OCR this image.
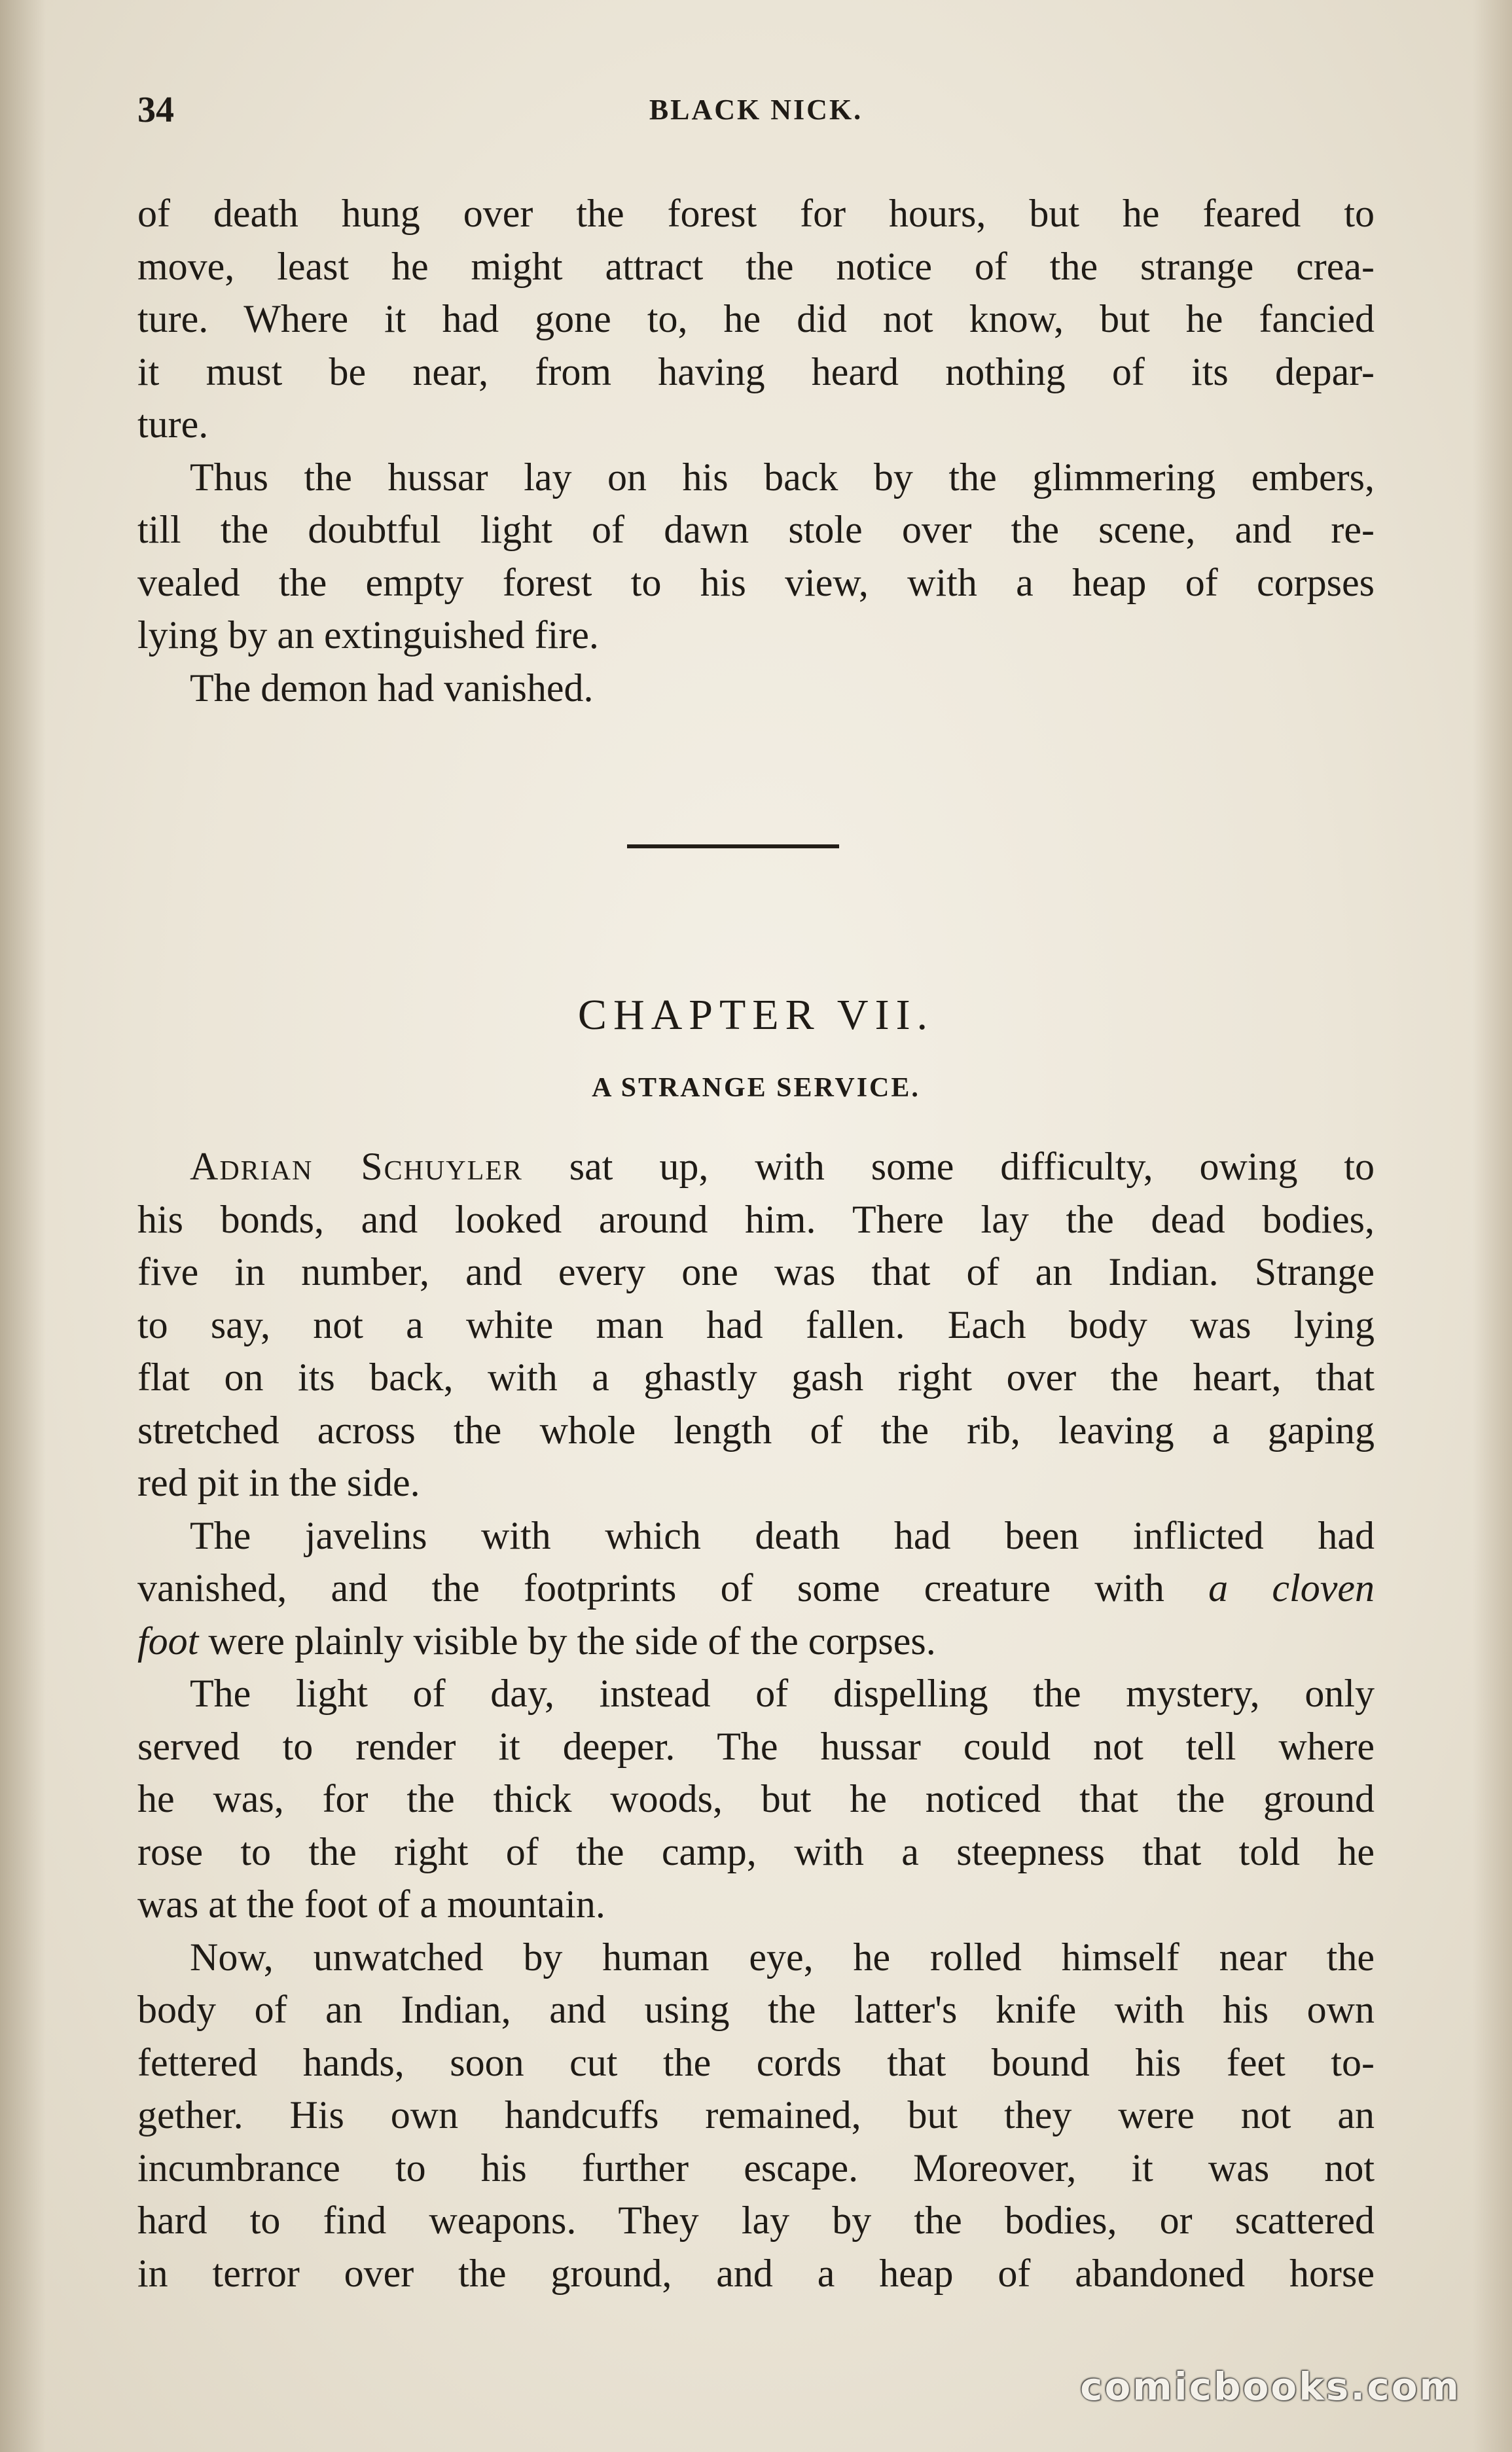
34	BLACK NICK.
of death hung over the forest for hours, but he feared to
move, least he might attract the notice of the strange crea-
ture. Where it had gone to, he did not know, but he fancied
it must be near, from having heard nothing of its depar-
ture.
Thus the hussar lay on his back by the glimmering embers,
till the doubtful light of dawn stole over the scene, and re-
vealed the empty forest to his view, with a heap of corpses
lying by an extinguished fire.
The demon had vanished.
CHAPTER VII.
A STRANGE SERVICE.
Adrian Schuyler sat up, with some difficulty, owing to
his bonds, and looked around him. There lay the dead bodies,
five in number, and every one was that of an Indian. Strange
to say, not a white man had fallen. Each body was lying
flat on its back, with a ghastly gash right over the heart, that
stretched across the whole length of the rib, leaving a gaping
red pit in the side.
The javelins with which death had been inflicted had
vanished, and the footprints of some creature with a cloven
foot were plainly visible by the side of the corpses.
The light of day, instead of dispelling the mystery, only
served to render it deeper. The hussar could not tell where
he was, for the thick woods, but he noticed that the ground
rose to the right of the camp, with a steepness that told he
was at the foot of a mountain.
Now, unwatched by human eye, he rolled himself near the
body of an Indian, and using the latter's knife with his own
fettered hands, soon cut the cords that bound his feet to-
gether. His own handcuffs remained, but they were not an
incumbrance to his further escape. Moreover, it was not
hard to find weapons. They lay by the bodies, or scattered
in terror over the ground, and a heap of abandoned horse
comicbooks.com
